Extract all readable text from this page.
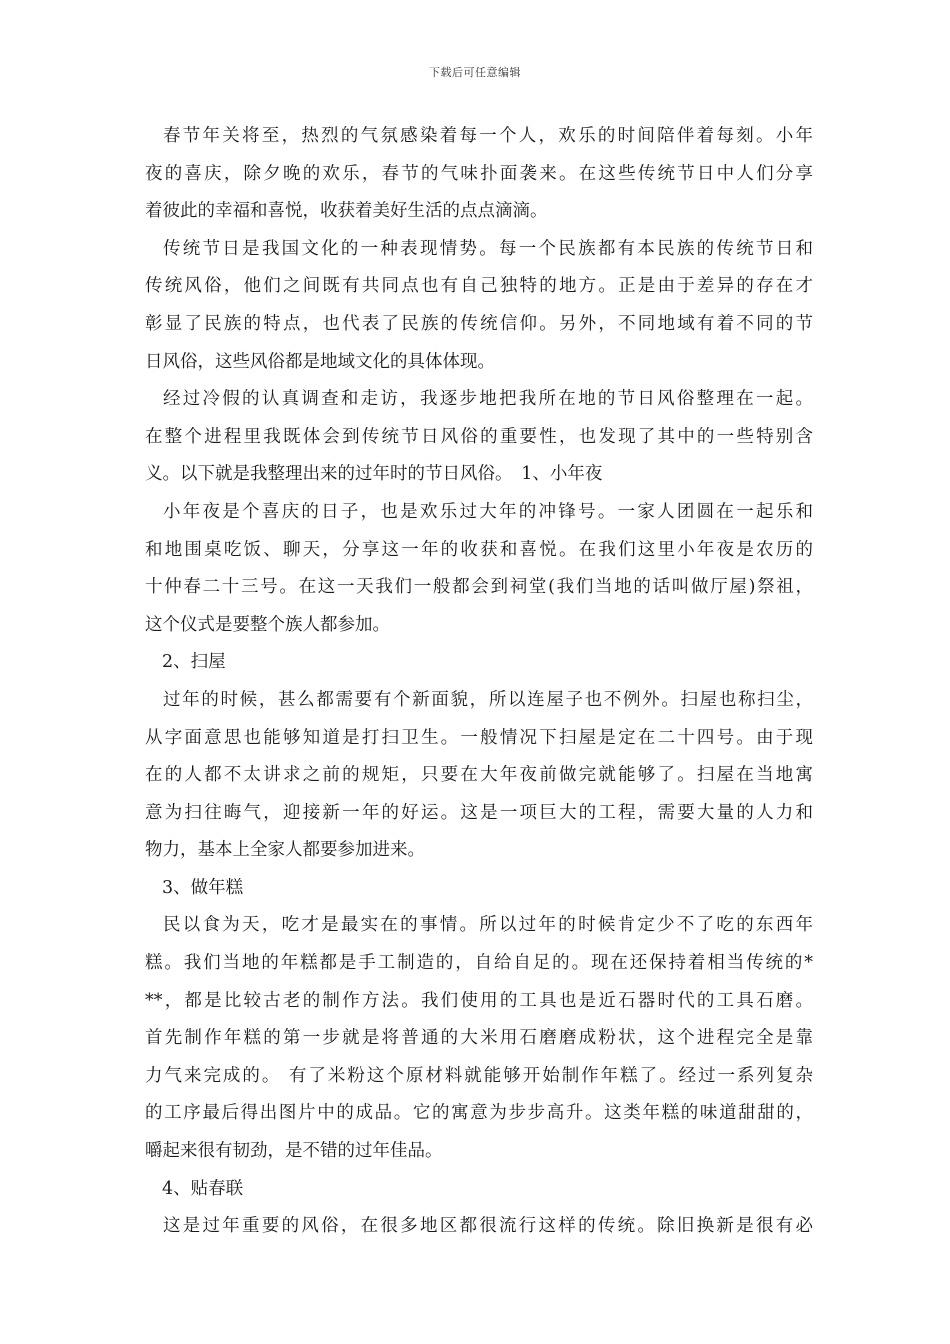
下载后可任意编辑
春节年关将至，热烈的气氛感染着每一个人，欢乐的时间陪伴着每刻。小年
夜的喜庆，除夕晚的欢乐，春节的气味扑面袭来。在这些传统节日中人们分享
着彼此的幸福和喜悦，收获着美好生活的点点滴滴。
传统节日是我国文化的一种表现情势。每一个民族都有本民族的传统节日和
传统风俗，他们之间既有共同点也有自己独特的地方。正是由于差异的存在才
彰显了民族的特点，也代表了民族的传统信仰。另外，不同地域有着不同的节
日风俗，这些风俗都是地域文化的具体体现。
经过冷假的认真调查和走访，我逐步地把我所在地的节日风俗整理在一起。
在整个进程里我既体会到传统节日风俗的重要性，也发现了其中的一些特别含
义。以下就是我整理出来的过年时的节日风俗。　1、小年夜
小年夜是个喜庆的日子，也是欢乐过大年的冲锋号。一家人团圆在一起乐和
和地围桌吃饭、聊天，分享这一年的收获和喜悦。在我们这里小年夜是农历的
十仲春二十三号。在这一天我们一般都会到祠堂(我们当地的话叫做厅屋)祭祖，
这个仪式是要整个族人都参加。
2、扫屋
过年的时候，甚么都需要有个新面貌，所以连屋子也不例外。扫屋也称扫尘，
从字面意思也能够知道是打扫卫生。一般情况下扫屋是定在二十四号。由于现
在的人都不太讲求之前的规矩，只要在大年夜前做完就能够了。扫屋在当地寓
意为扫往晦气，迎接新一年的好运。这是一项巨大的工程，需要大量的人力和
物力，基本上全家人都要参加进来。
3、做年糕
民以食为天，吃才是最实在的事情。所以过年的时候肯定少不了吃的东西年
糕。我们当地的年糕都是手工制造的，自给自足的。现在还保持着相当传统的*
**，都是比较古老的制作方法。我们使用的工具也是近石器时代的工具石磨。
首先制作年糕的第一步就是将普通的大米用石磨磨成粉状，这个进程完全是靠
力气来完成的。 有了米粉这个原材料就能够开始制作年糕了。经过一系列复杂
的工序最后得出图片中的成品。它的寓意为步步高升。这类年糕的味道甜甜的，
嚼起来很有韧劲，是不错的过年佳品。
4、贴春联
这是过年重要的风俗，在很多地区都很流行这样的传统。除旧换新是很有必
